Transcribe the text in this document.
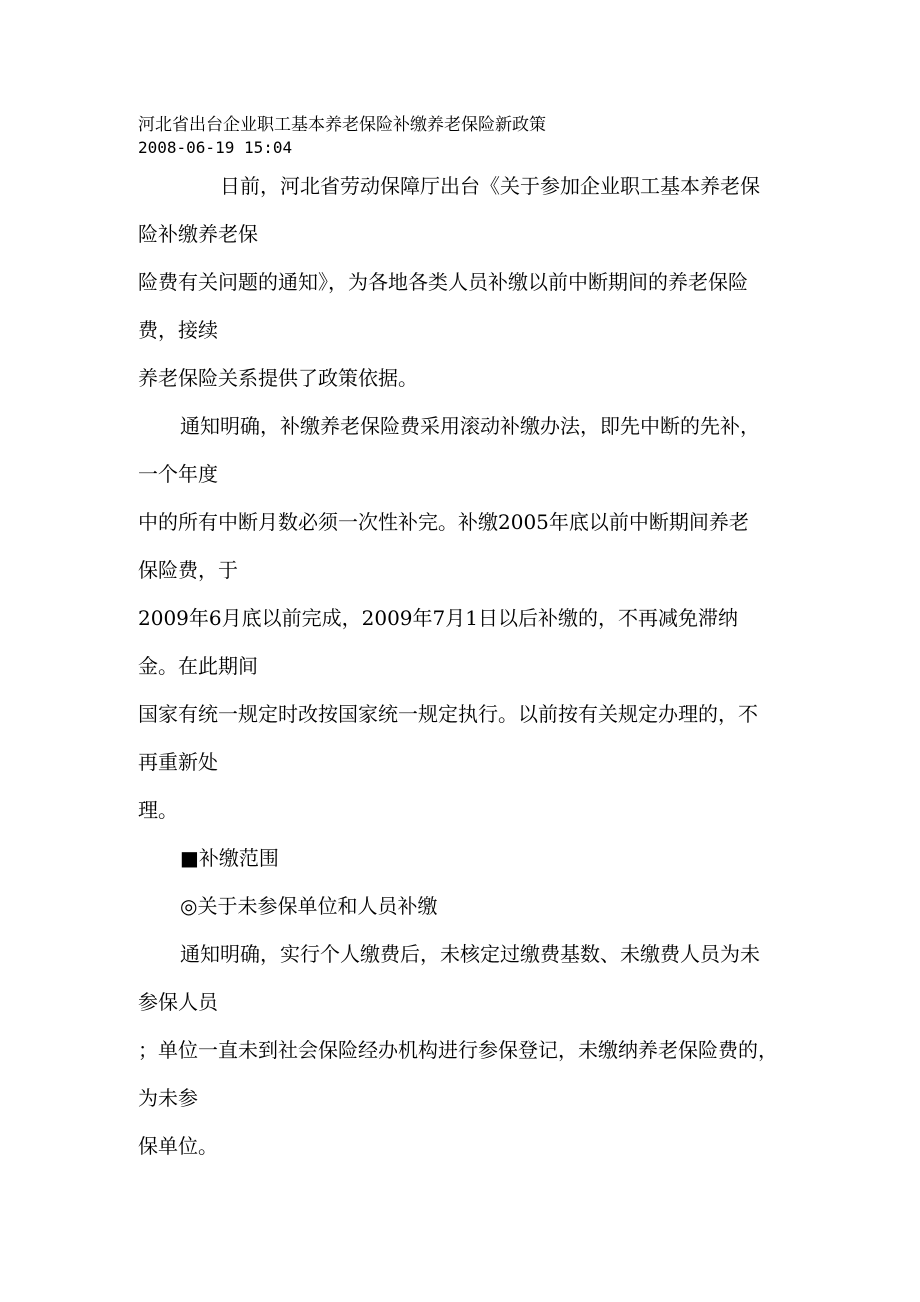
河北省出台企业职工基本养老保险补缴养老保险新政策
2008-06-19 15:04
日前，河北省劳动保障厅出台《关于参加企业职工基本养老保
险补缴养老保
险费有关问题的通知》，为各地各类人员补缴以前中断期间的养老保险
费，接续
养老保险关系提供了政策依据。
通知明确，补缴养老保险费采用滚动补缴办法，即先中断的先补，
一个年度
中的所有中断月数必须一次性补完。补缴2005年底以前中断期间养老
保险费，于
2009年6月底以前完成，2009年7月1日以后补缴的，不再减免滞纳
金。在此期间
国家有统一规定时改按国家统一规定执行。以前按有关规定办理的，不
再重新处
理。
■补缴范围
◎关于未参保单位和人员补缴
通知明确，实行个人缴费后，未核定过缴费基数、未缴费人员为未
参保人员
；单位一直未到社会保险经办机构进行参保登记，未缴纳养老保险费的，
为未参
保单位。
